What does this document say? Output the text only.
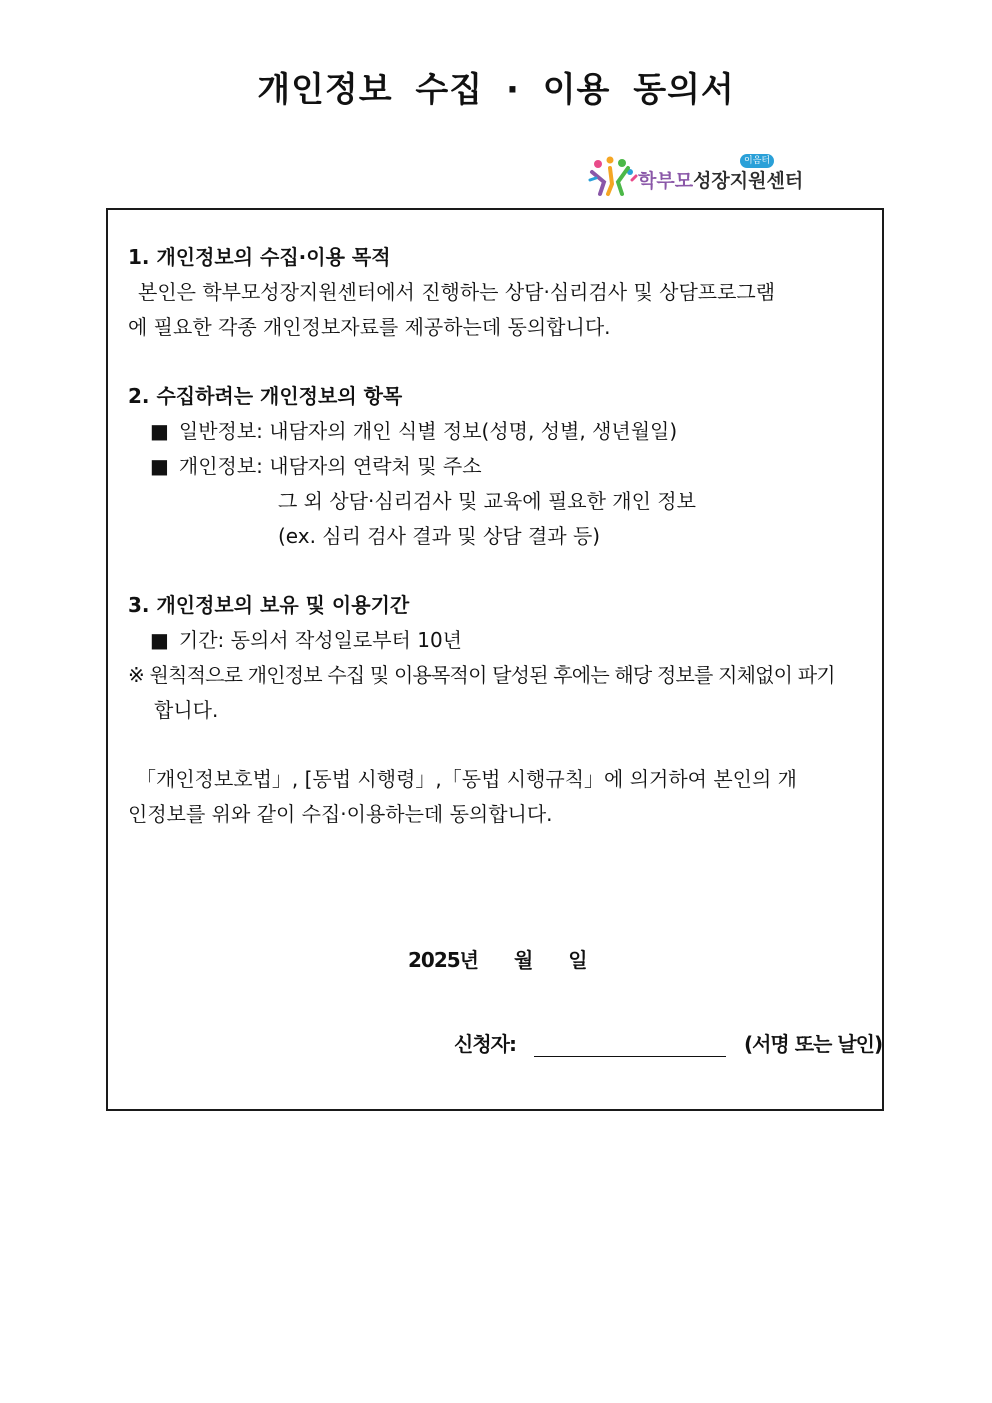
개인정보 수집 · 이용 동의서
이음터
학부모성장지원센터
1. 개인정보의 수집·이용 목적
본인은 학부모성장지원센터에서 진행하는 상담·심리검사 및 상담프로그램
에 필요한 각종 개인정보자료를 제공하는데 동의합니다.
2. 수집하려는 개인정보의 항목
■ 일반정보: 내담자의 개인 식별 정보(성명, 성별, 생년월일)
■ 개인정보: 내담자의 연락처 및 주소
그 외 상담·심리검사 및 교육에 필요한 개인 정보
(ex. 심리 검사 결과 및 상담 결과 등)
3. 개인정보의 보유 및 이용기간
■ 기간: 동의서 작성일로부터 10년
※ 원칙적으로 개인정보 수집 및 이용목적이 달성된 후에는 해당 정보를 지체없이 파기
합니다.
「개인정보호법」, [동법 시행령」,「동법 시행규칙」에 의거하여 본인의 개
인정보를 위와 같이 수집·이용하는데 동의합니다.
2025년 월 일
신청자:	(서명 또는 날인)
